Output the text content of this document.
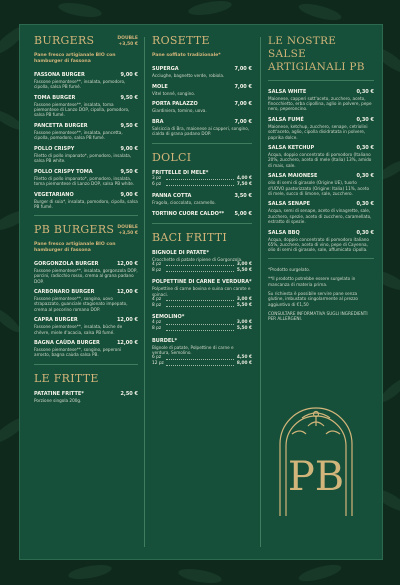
BURGERS	DOUBLE
+3,50 €
Pane fresco artigianale BIO con hamburger di fassona
FASSONA BURGER	9,00 €
Fassone piemontese**, insalata, pomodoro, cipolla, salsa PB fumé.
TOMA BURGER	9,50 €
Fassone piemontese**, insalata, toma piemontese di Lanzo DOP, cipolla, pomodoro, salsa PB fumé.
PANCETTA BURGER	9,50 €
Fassone piemontese**, insalata, pancetta, cipolla, pomodoro, salsa PB fumé.
POLLO CRISPY	9,00 €
Filetto di pollo impanato*, pomodoro, insalata, salsa PB white.
POLLO CRISPY TOMA	9,50 €
Filetto di pollo impanato*, pomodoro, insalata, toma piemontese di Lanzo DOP, salsa PB white.
VEGETARIANO	9,00 €
Burger di soia*, insalata, pomodoro, cipolla, salsa PB fumé.
PB BURGERS DOUBLE
+3,50 €
Pane fresco artigianale BIO con hamburger di fassona
GORGONZOLA BURGER	12,00 €
Fassone piemontese**, insalata, gorgonzola DOP, porcini, radicchio rosso, crema al grana padano DOP.
CARBONARO BURGER	12,00 €
Fassone piemontese**, songino, uovo strapazzato, guanciale stagionato impepato, crema al pecorino romano DOP.
CAPRA BURGER	12,00 €
Fassone piemontese**, insalata, bûche de chèvre, miele d'acacia, salsa PB fumé.
BAGNA CAÙDA BURGER	12,00 €
Fassone piemontese**, songino, peperoni arrosto, bagna caùda salsa PB.
LE FRITTE
PATATINE FRITTE*	2,50 €
Porzione singola 200g.
ROSETTE
Pane soffiato tradizionale*
SUPERGA	7,00 €
Acciughe, bagnetto verde, robiola.
MOLE	7,00 €
Vitel tonné, songino.
PORTA PALAZZO	7,00 €
Giardiniera, tomino, uova.
BRA	7,00 €
Salsiccia di Bra, maionese ai capperi, songino, cialda di grana padano DOP.
DOLCI
FRITTELLE DI MELE*
3 pz	4,00 €
6 pz	7,50 €
PANNA COTTA	3,50 €
Fragola, cioccolato, caramello.
TORTINO CUORE CALDO** 5,00 €
BACI FRITTI
BIGNOLE DI PATATE*
Crocchette di patate ripiene di Gorgonzola.
4 pz	3,00 €
8 pz	5,50 €
POLPETTINE DI CARNE E VERDURA*
Polpettine di carne bovina e suina con carote e spinaci.
4 pz	3,00 €
8 pz	5,50 €
SEMOLINO*
4 pz	3,00 €
8 pz	5,50 €
BURDEL*
Bignole di patate, Polpettine di carne e verdura, Semolino.
6 pz	4,50 €
12 pz	8,00 €
LE NOSTRE SALSE ARTIGIANALI PB
SALSA WHITE	0,30 €
Maionese, capperi sott'aceto, zucchero, aceto, finocchietto, erba cipollina, aglio in polvere, pepe nero, peperoncino.
SALSA FUMÉ	0,30 €
Maionese, ketchup, zucchero, senape, cetriolini sott'aceto, aglio, cipolla disidratata in polvere, paprika dolce.
SALSA KETCHUP	0,30 €
Acqua, doppio concentrato di pomodoro (Italiano 20%, zucchero, aceto di mele (Italia) 13%, amido di mais, sale.
SALSA MAIONESE	0,30 €
olio di semi di girasole (Origine UE), tuorlo d'UOVO pastorizzato (Origine: Italia) 11%, aceto di mele, succo di limone, sale, zucchero.
SALSA SENAPE	0,30 €
Acqua, semi di senape, aceto di vinagrette, sale, zucchero, spezie, aceto di zucchero, caramellato, estratto di spezie.
SALSA BBQ	0,30 €
Acqua, doppio concentrato di pomodoro italiano 65%, zucchero, aceto di vino, pepe di Cayenna, olio di semi di girasole, sale, affumicato cipolla.

*Prodotto surgelato.

**Il prodotto potrebbe essere surgelato in mancanza di materia prima.

Su richiesta è possibile servire pane senza glutine, imbustato singolarmente al prezzo aggiuntivo di €1,50

CONSULTARE INFORMATIVA SUGLI INGREDIENTI PER ALLERGENI.

PB
